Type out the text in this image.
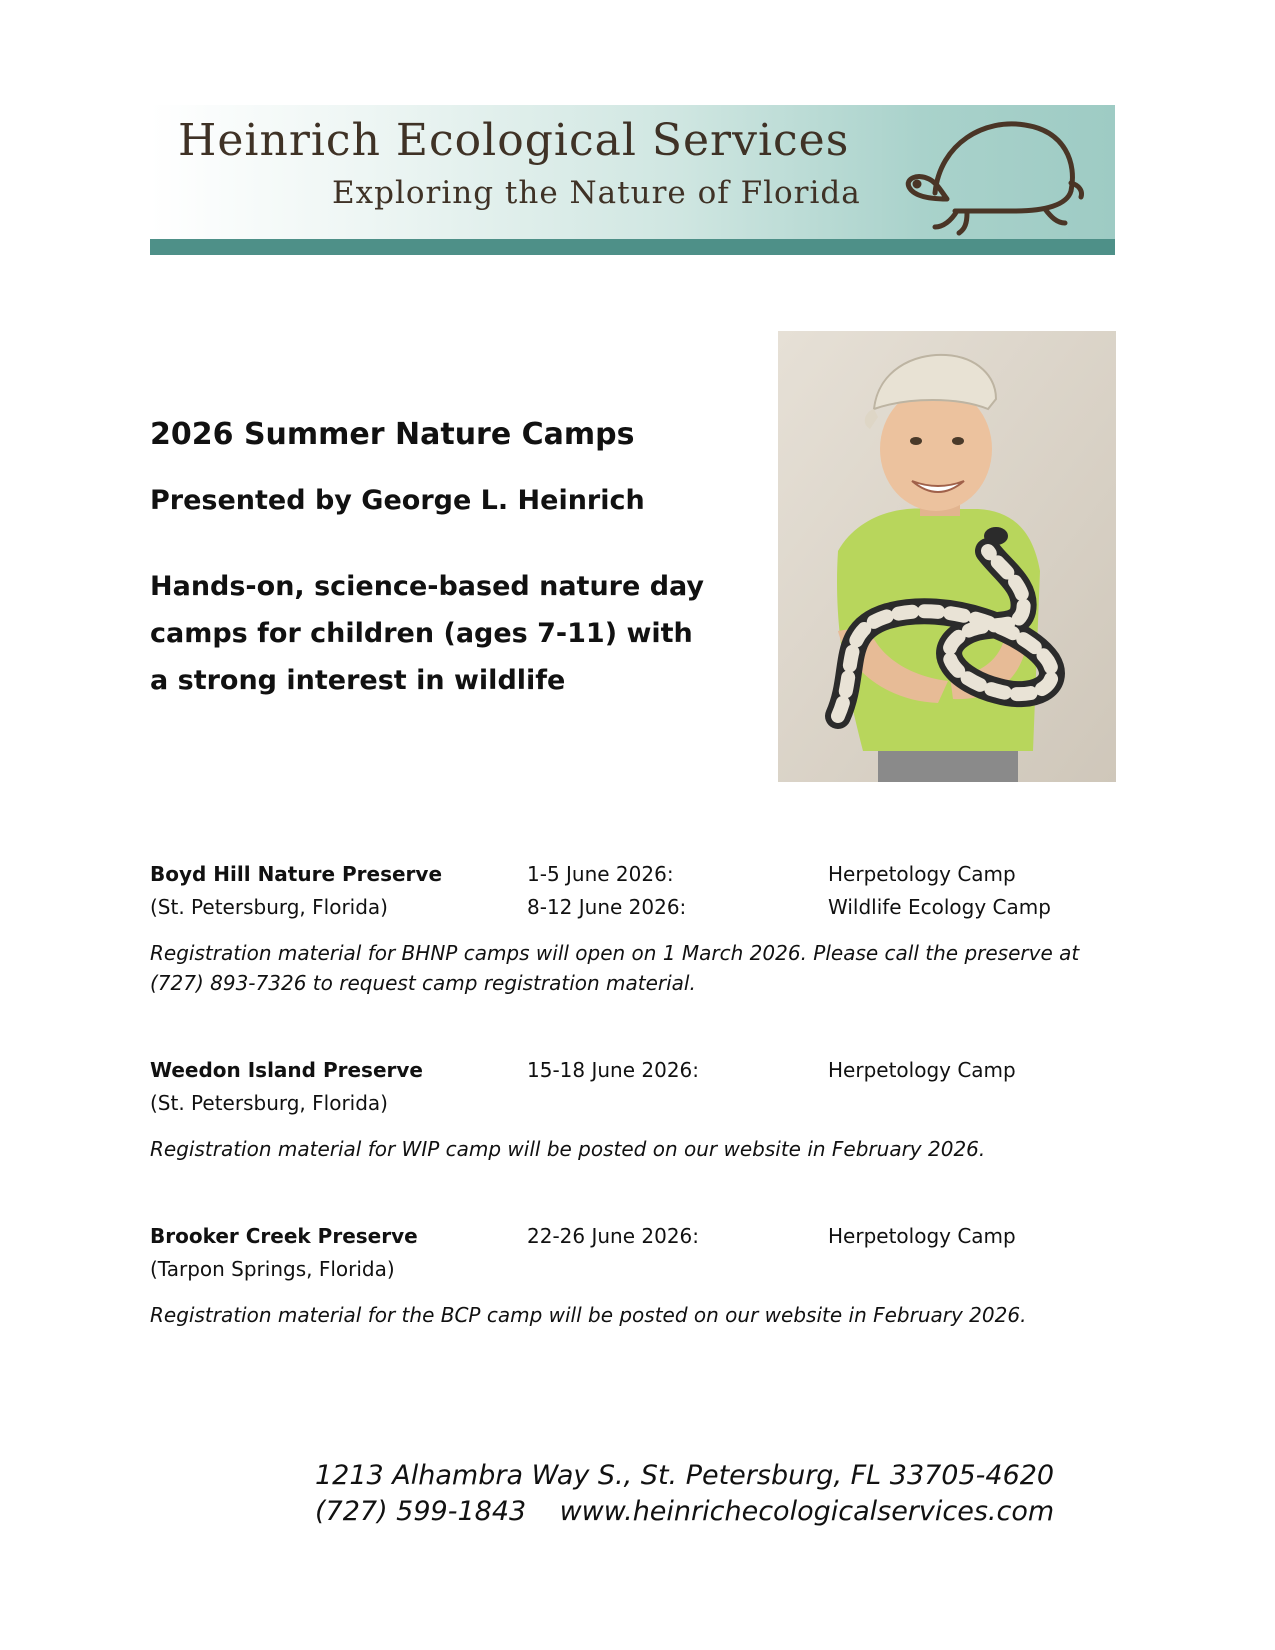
Heinrich Ecological Services
Exploring the Nature of Florida
2026 Summer Nature Camps
Presented by George L. Heinrich
Hands-on, science-based nature day camps for children (ages 7-11) with a strong interest in wildlife
Boyd Hill Nature Preserve	1-5 June 2026:	Herpetology Camp
(St. Petersburg, Florida)	8-12 June 2026:	Wildlife Ecology Camp
Registration material for BHNP camps will open on 1 March 2026. Please call the preserve at (727) 893-7326 to request camp registration material.
Weedon Island Preserve	15-18 June 2026:	Herpetology Camp
(St. Petersburg, Florida)
Registration material for WIP camp will be posted on our website in February 2026.
Brooker Creek Preserve	22-26 June 2026:	Herpetology Camp
(Tarpon Springs, Florida)
Registration material for the BCP camp will be posted on our website in February 2026.
1213 Alhambra Way S., St. Petersburg, FL 33705-4620
(727) 599-1843 www.heinrichecologicalservices.com
